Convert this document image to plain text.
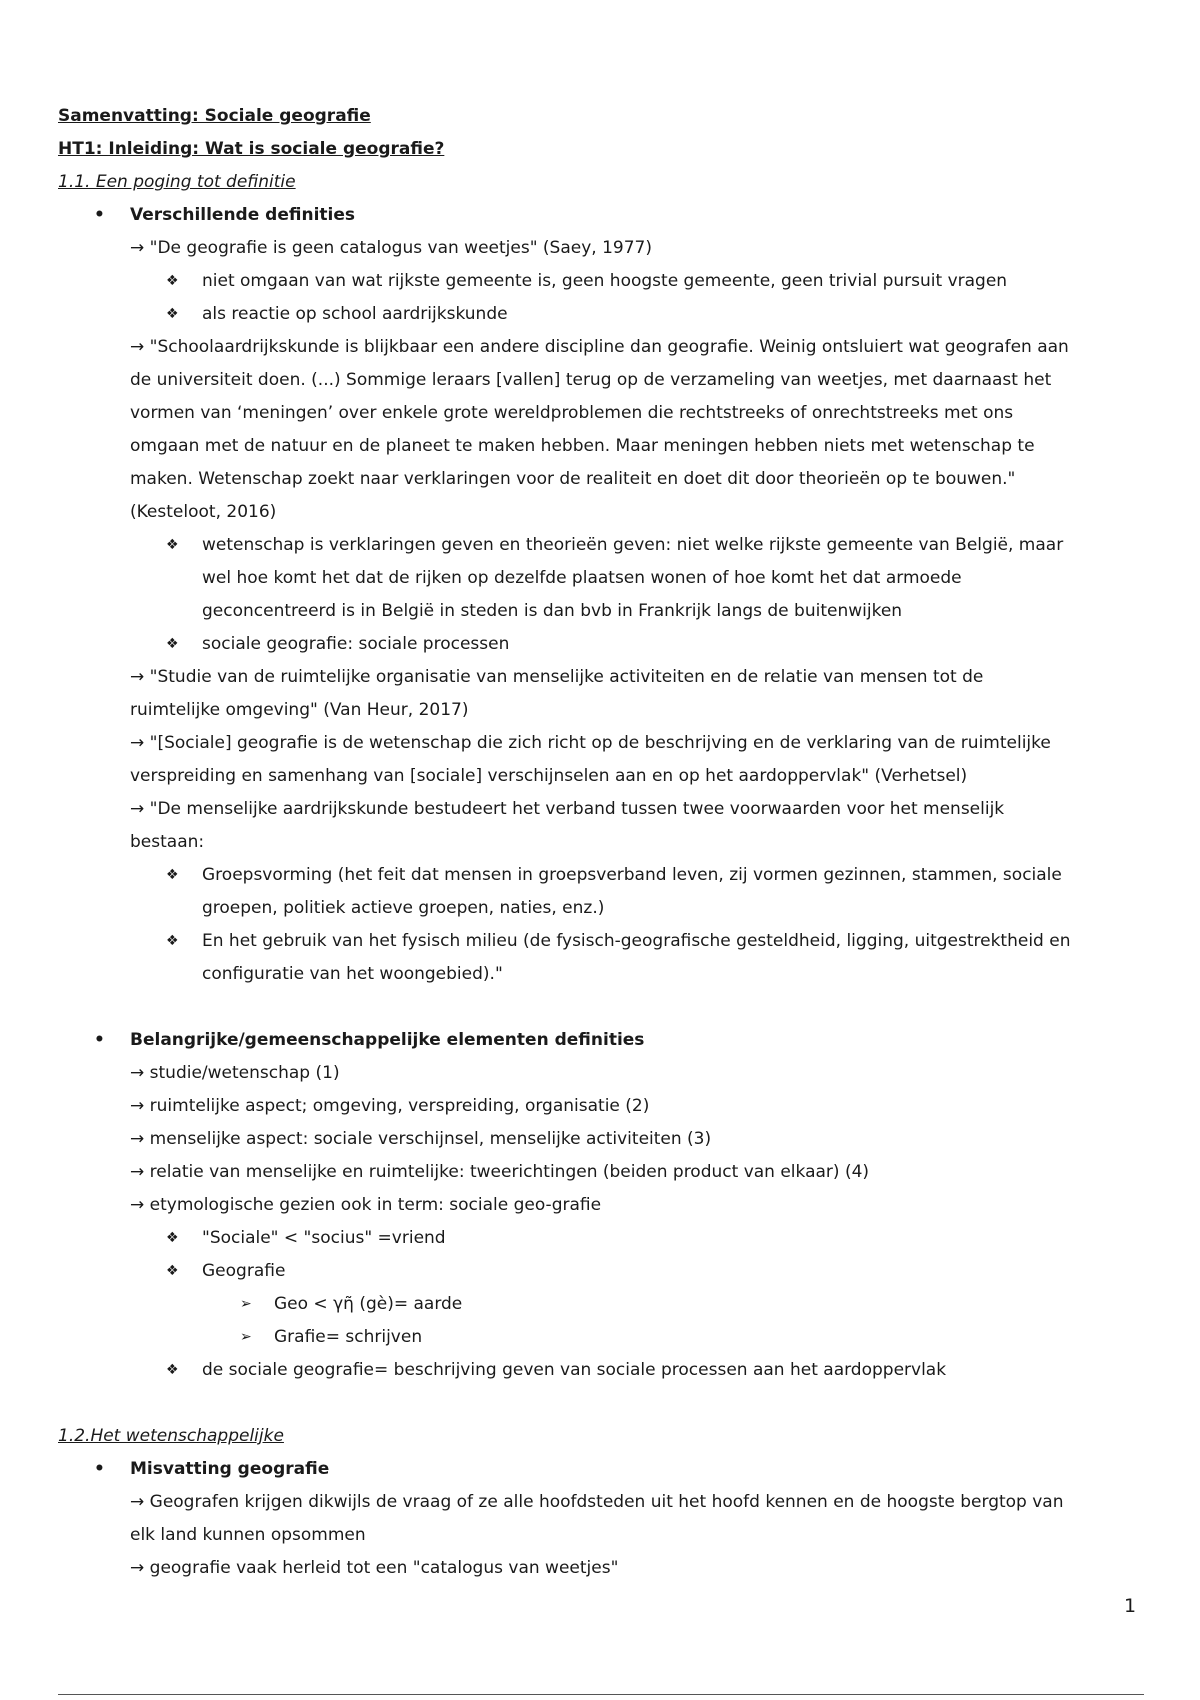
Samenvatting: Sociale geografie
HT1: Inleiding: Wat is sociale geografie?
1.1. Een poging tot definitie
• Verschillende definities
→ "De geografie is geen catalogus van weetjes" (Saey, 1977)
❖ niet omgaan van wat rijkste gemeente is, geen hoogste gemeente, geen trivial pursuit vragen
❖ als reactie op school aardrijkskunde
→ "Schoolaardrijkskunde is blijkbaar een andere discipline dan geografie. Weinig ontsluiert wat geografen aan
de universiteit doen. (...) Sommige leraars [vallen] terug op de verzameling van weetjes, met daarnaast het
vormen van ‘meningen’ over enkele grote wereldproblemen die rechtstreeks of onrechtstreeks met ons
omgaan met de natuur en de planeet te maken hebben. Maar meningen hebben niets met wetenschap te
maken. Wetenschap zoekt naar verklaringen voor de realiteit en doet dit door theorieën op te bouwen."
(Kesteloot, 2016)
❖ wetenschap is verklaringen geven en theorieën geven: niet welke rijkste gemeente van België, maar
wel hoe komt het dat de rijken op dezelfde plaatsen wonen of hoe komt het dat armoede
geconcentreerd is in België in steden is dan bvb in Frankrijk langs de buitenwijken
❖ sociale geografie: sociale processen
→ "Studie van de ruimtelijke organisatie van menselijke activiteiten en de relatie van mensen tot de
ruimtelijke omgeving" (Van Heur, 2017)
→ "[Sociale] geografie is de wetenschap die zich richt op de beschrijving en de verklaring van de ruimtelijke
verspreiding en samenhang van [sociale] verschijnselen aan en op het aardoppervlak" (Verhetsel)
→ "De menselijke aardrijkskunde bestudeert het verband tussen twee voorwaarden voor het menselijk
bestaan:
❖ Groepsvorming (het feit dat mensen in groepsverband leven, zij vormen gezinnen, stammen, sociale
groepen, politiek actieve groepen, naties, enz.)
❖ En het gebruik van het fysisch milieu (de fysisch-geografische gesteldheid, ligging, uitgestrektheid en
configuratie van het woongebied)."
• Belangrijke/gemeenschappelijke elementen definities
→ studie/wetenschap (1)
→ ruimtelijke aspect; omgeving, verspreiding, organisatie (2)
→ menselijke aspect: sociale verschijnsel, menselijke activiteiten (3)
→ relatie van menselijke en ruimtelijke: tweerichtingen (beiden product van elkaar) (4)
→ etymologische gezien ook in term: sociale geo-grafie
❖ "Sociale" < "socius" =vriend
❖ Geografie
➢ Geo < γῆ (gè)= aarde
➢ Grafie= schrijven
❖ de sociale geografie= beschrijving geven van sociale processen aan het aardoppervlak
1.2.Het wetenschappelijke
• Misvatting geografie
→ Geografen krijgen dikwijls de vraag of ze alle hoofdsteden uit het hoofd kennen en de hoogste bergtop van
elk land kunnen opsommen
→ geografie vaak herleid tot een "catalogus van weetjes"
1
